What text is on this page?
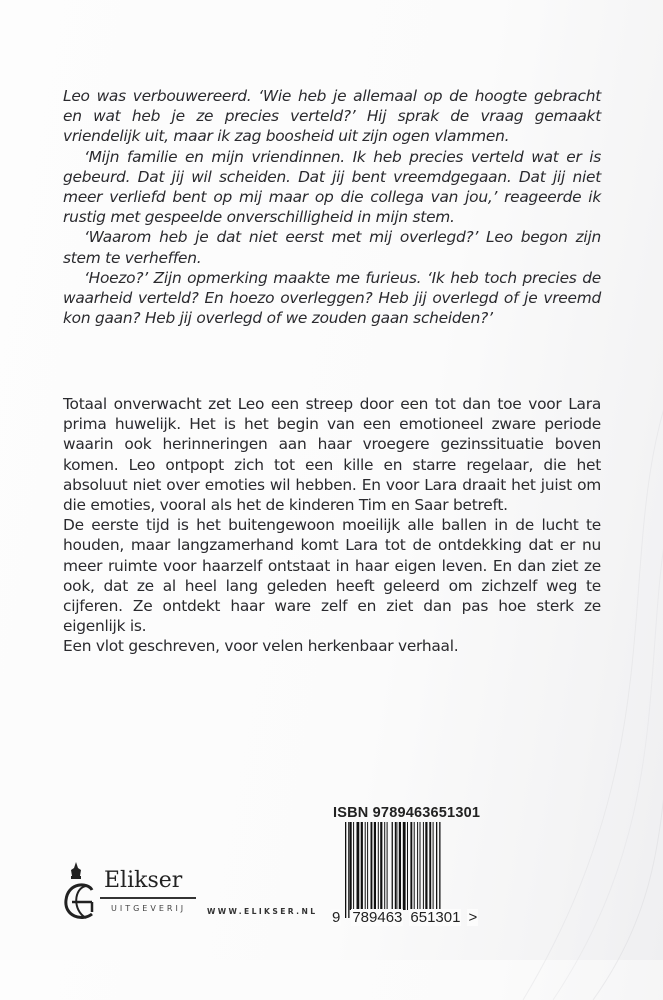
Leo was verbouwereerd. ‘Wie heb je allemaal op de hoogte gebracht en wat heb je ze precies verteld?’ Hij sprak de vraag gemaakt vriendelijk uit, maar ik zag boosheid uit zijn ogen vlammen.

‘Mijn familie en mijn vriendinnen. Ik heb precies verteld wat er is gebeurd. Dat jij wil scheiden. Dat jij bent vreemdgegaan. Dat jij niet meer verliefd bent op mij maar op die collega van jou,’ reageerde ik rustig met gespeelde onverschilligheid in mijn stem.

‘Waarom heb je dat niet eerst met mij overlegd?’ Leo begon zijn stem te verheffen.

‘Hoezo?’ Zijn opmerking maakte me furieus. ‘Ik heb toch precies de waarheid verteld? En hoezo overleggen? Heb jij overlegd of je vreemd kon gaan? Heb jij overlegd of we zouden gaan scheiden?’

Totaal onverwacht zet Leo een streep door een tot dan toe voor Lara prima huwelijk. Het is het begin van een emotioneel zware periode waarin ook herinneringen aan haar vroegere gezinssituatie boven komen. Leo ontpopt zich tot een kille en starre regelaar, die het absoluut niet over emoties wil hebben. En voor Lara draait het juist om die emoties, vooral als het de kinderen Tim en Saar betreft.

De eerste tijd is het buitengewoon moeilijk alle ballen in de lucht te houden, maar langzamerhand komt Lara tot de ontdekking dat er nu meer ruimte voor haarzelf ontstaat in haar eigen leven. En dan ziet ze ook, dat ze al heel lang geleden heeft geleerd om zichzelf weg te cijferen. Ze ontdekt haar ware zelf en ziet dan pas hoe sterk ze eigenlijk is.

Een vlot geschreven, voor velen herkenbaar verhaal.

Elikser
UITGEVERIJ	WWW.ELIKSER.NL
ISBN 9789463651301
9 789463 651301 >
